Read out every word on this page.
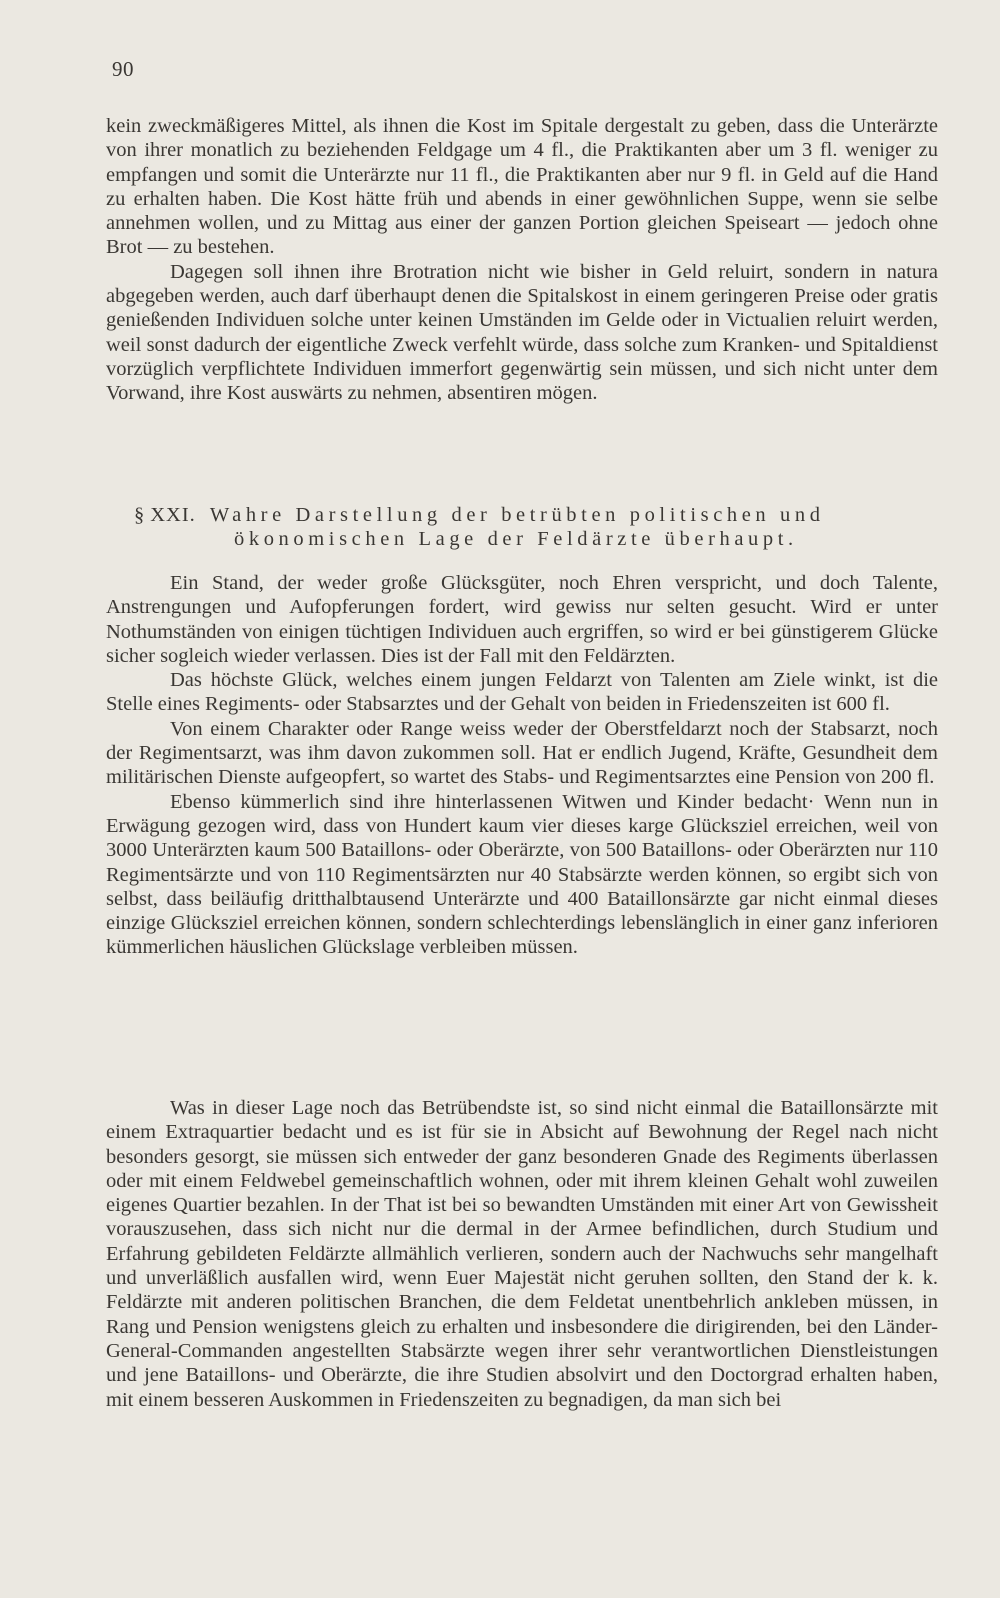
90

kein zweckmäßigeres Mittel, als ihnen die Kost im Spitale dergestalt zu geben, dass die Unterärzte von ihrer monatlich zu beziehenden Feldgage um 4 fl., die Praktikanten aber um 3 fl. weniger zu empfangen und somit die Unterärzte nur 11 fl., die Praktikanten aber nur 9 fl. in Geld auf die Hand zu erhalten haben. Die Kost hätte früh und abends in einer gewöhnlichen Suppe, wenn sie selbe annehmen wollen, und zu Mittag aus einer der ganzen Portion gleichen Speiseart — jedoch ohne Brot — zu bestehen.

Dagegen soll ihnen ihre Brotration nicht wie bisher in Geld reluirt, sondern in natura abgegeben werden, auch darf überhaupt denen die Spitalskost in einem geringeren Preise oder gratis genießenden Individuen solche unter keinen Umständen im Gelde oder in Victualien reluirt werden, weil sonst dadurch der eigentliche Zweck verfehlt würde, dass solche zum Kranken- und Spitaldienst vorzüglich verpflichtete Individuen immerfort gegenwärtig sein müssen, und sich nicht unter dem Vorwand, ihre Kost auswärts zu nehmen, absentiren mögen.

§ XXI. Wahre Darstellung der betrübten politischen und
ökonomischen Lage der Feldärzte überhaupt.

Ein Stand, der weder große Glücksgüter, noch Ehren verspricht, und doch Talente, Anstrengungen und Aufopferungen fordert, wird gewiss nur selten gesucht. Wird er unter Nothumständen von einigen tüchtigen Individuen auch ergriffen, so wird er bei günstigerem Glücke sicher sogleich wieder verlassen. Dies ist der Fall mit den Feldärzten.

Das höchste Glück, welches einem jungen Feldarzt von Talenten am Ziele winkt, ist die Stelle eines Regiments- oder Stabsarztes und der Gehalt von beiden in Friedenszeiten ist 600 fl.

Von einem Charakter oder Range weiss weder der Oberstfeldarzt noch der Stabsarzt, noch der Regimentsarzt, was ihm davon zukommen soll. Hat er endlich Jugend, Kräfte, Gesundheit dem militärischen Dienste aufgeopfert, so wartet des Stabs- und Regimentsarztes eine Pension von 200 fl.

Ebenso kümmerlich sind ihre hinterlassenen Witwen und Kinder bedacht· Wenn nun in Erwägung gezogen wird, dass von Hundert kaum vier dieses karge Glücksziel erreichen, weil von 3000 Unterärzten kaum 500 Bataillons- oder Oberärzte, von 500 Bataillons- oder Oberärzten nur 110 Regimentsärzte und von 110 Regimentsärzten nur 40 Stabsärzte werden können, so ergibt sich von selbst, dass beiläufig dritthalbtausend Unterärzte und 400 Bataillonsärzte gar nicht einmal dieses einzige Glücksziel erreichen können, sondern schlechterdings lebenslänglich in einer ganz inferioren kümmerlichen häuslichen Glückslage verbleiben müssen.

Was in dieser Lage noch das Betrübendste ist, so sind nicht einmal die Bataillonsärzte mit einem Extraquartier bedacht und es ist für sie in Absicht auf Bewohnung der Regel nach nicht besonders gesorgt, sie müssen sich entweder der ganz besonderen Gnade des Regiments überlassen oder mit einem Feldwebel gemeinschaftlich wohnen, oder mit ihrem kleinen Gehalt wohl zuweilen eigenes Quartier bezahlen. In der That ist bei so bewandten Umständen mit einer Art von Gewissheit vorauszusehen, dass sich nicht nur die dermal in der Armee befindlichen, durch Studium und Erfahrung gebildeten Feldärzte allmählich verlieren, sondern auch der Nachwuchs sehr mangelhaft und unverläßlich ausfallen wird, wenn Euer Majestät nicht geruhen sollten, den Stand der k. k. Feldärzte mit anderen politischen Branchen, die dem Feldetat unentbehrlich ankleben müssen, in Rang und Pension wenigstens gleich zu erhalten und insbesondere die dirigirenden, bei den Länder-General-Commanden angestellten Stabsärzte wegen ihrer sehr verantwortlichen Dienstleistungen und jene Bataillons- und Oberärzte, die ihre Studien absolvirt und den Doctorgrad erhalten haben, mit einem besseren Auskommen in Friedenszeiten zu begnadigen, da man sich bei
